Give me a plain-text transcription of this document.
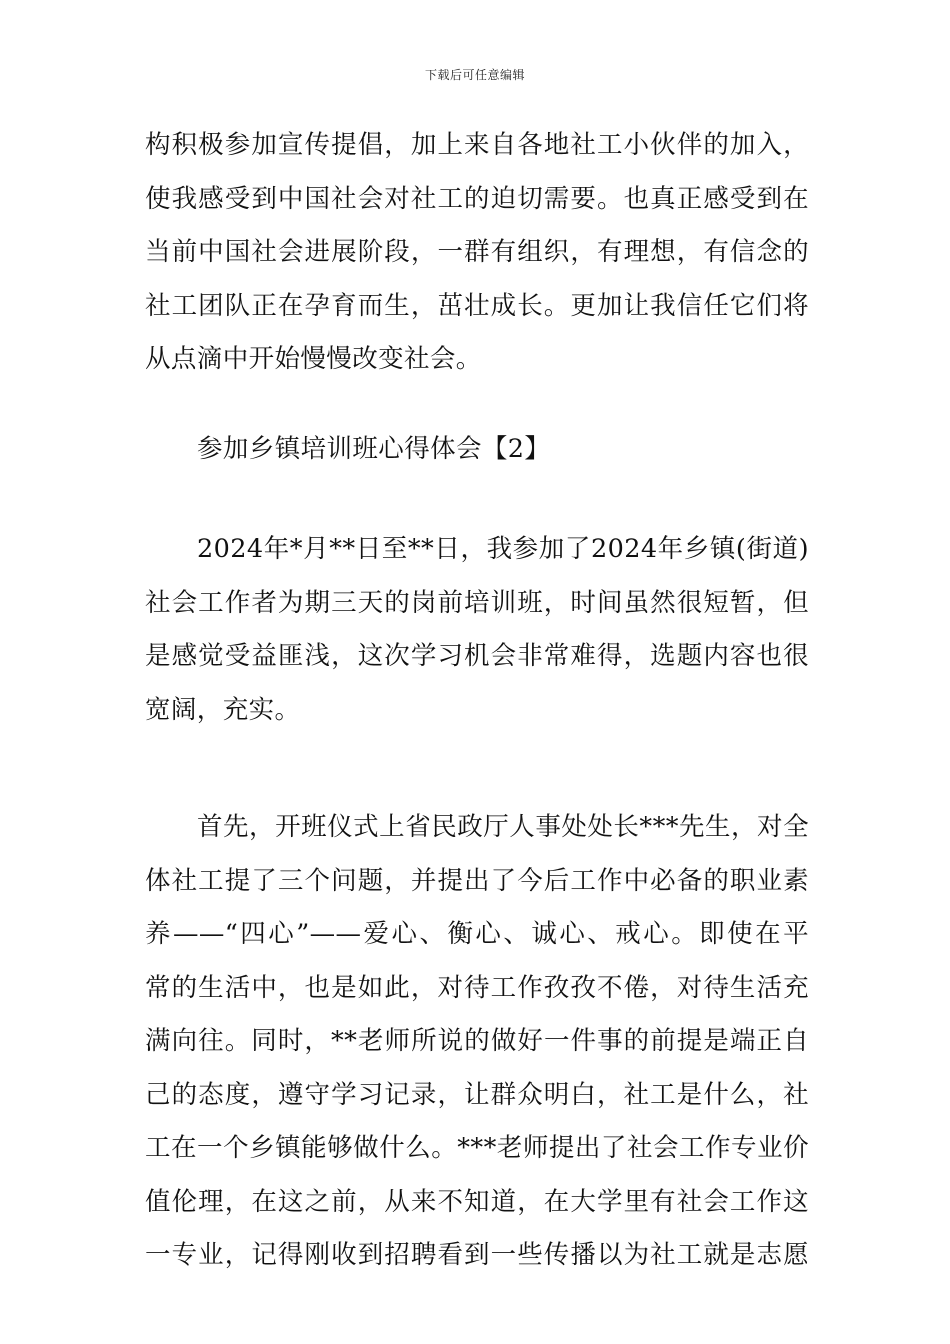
下载后可任意编辑
构积极参加宣传提倡，加上来自各地社工小伙伴的加入，
使我感受到中国社会对社工的迫切需要。也真正感受到在
当前中国社会进展阶段，一群有组织，有理想，有信念的
社工团队正在孕育而生，茁壮成长。更加让我信任它们将
从点滴中开始慢慢改变社会。
参加乡镇培训班心得体会【2】
2024年*月**日至**日，我参加了2024年乡镇(街道)
社会工作者为期三天的岗前培训班，时间虽然很短暂，但
是感觉受益匪浅，这次学习机会非常难得，选题内容也很
宽阔，充实。
首先，开班仪式上省民政厅人事处处长***先生，对全
体社工提了三个问题，并提出了今后工作中必备的职业素
养——“四心”——爱心、衡心、诚心、戒心。即使在平
常的生活中，也是如此，对待工作孜孜不倦，对待生活充
满向往。同时，**老师所说的做好一件事的前提是端正自
己的态度，遵守学习记录，让群众明白，社工是什么，社
工在一个乡镇能够做什么。***老师提出了社会工作专业价
值伦理，在这之前，从来不知道，在大学里有社会工作这
一专业，记得刚收到招聘看到一些传播以为社工就是志愿
